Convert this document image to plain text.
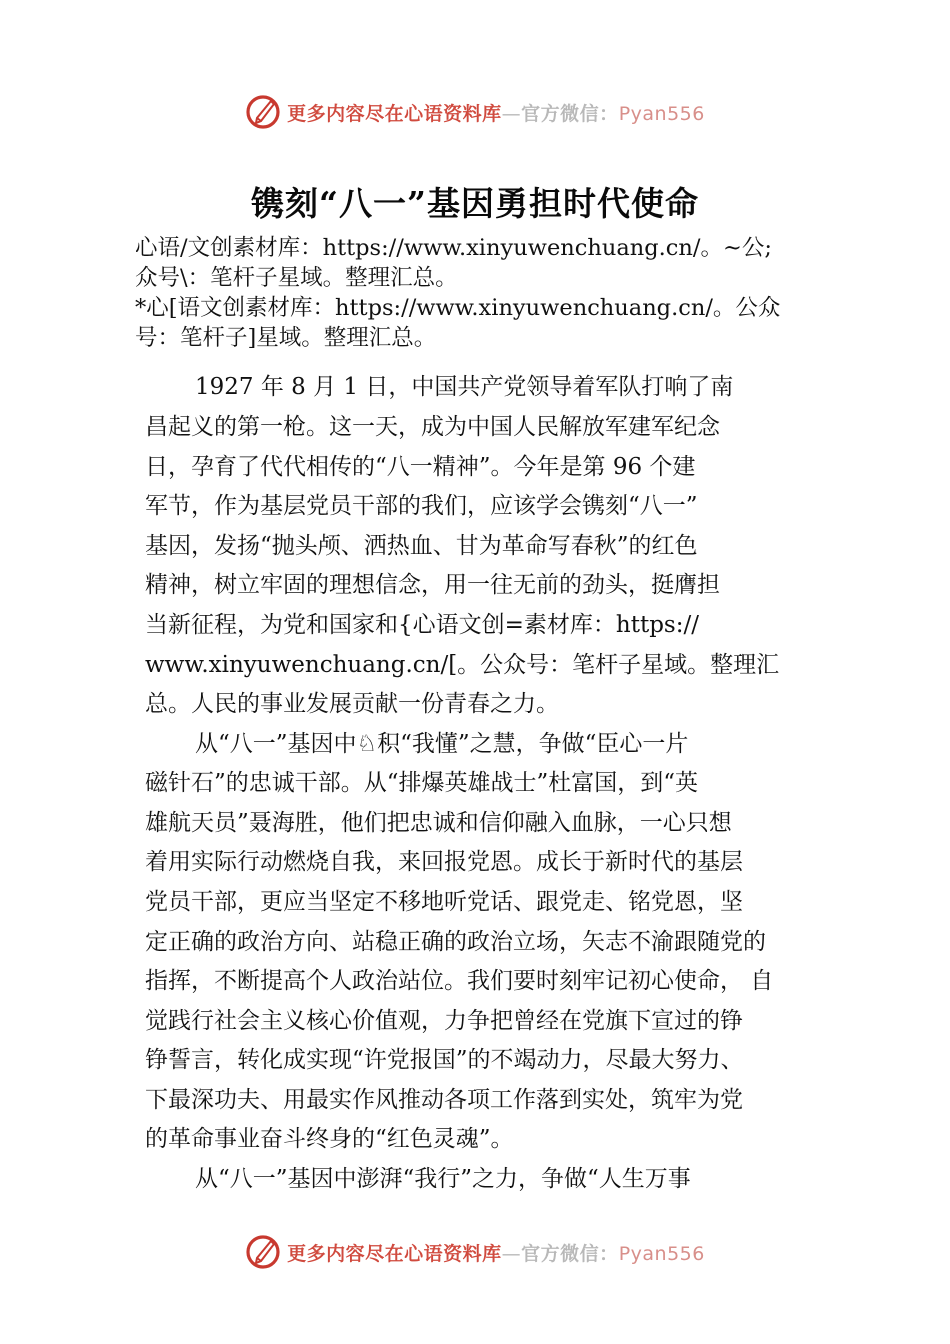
更多内容尽在心语资料库—官方微信：Pyan556
镌刻“八一”基因勇担时代使命
心语/文创素材库：https://www.xinyuwenchuang.cn/。~公;
众号\：笔杆子星域。整理汇总。
*心[语文创素材库：https://www.xinyuwenchuang.cn/。公众
号：笔杆子]星域。整理汇总。
1927 年 8 月 1 日，中国共产党领导着军队打响了南
昌起义的第一枪。这一天，成为中国人民解放军建军纪念
日，孕育了代代相传的“八一精神”。今年是第 96 个建
军节，作为基层党员干部的我们，应该学会镌刻“八一”
基因，发扬“抛头颅、洒热血、甘为革命写春秋”的红色
精神，树立牢固的理想信念，用一往无前的劲头，挺膺担
当新征程，为党和国家和{心语文创=素材库：https://
www.xinyuwenchuang.cn/[。公众号：笔杆子星域。整理汇
总。人民的事业发展贡献一份青春之力。
从“八一”基因中♘积“我懂”之慧，争做“臣心一片
磁针石”的忠诚干部。从“排爆英雄战士”杜富国，到“英
雄航天员”聂海胜，他们把忠诚和信仰融入血脉，一心只想
着用实际行动燃烧自我，来回报党恩。成长于新时代的基层
党员干部，更应当坚定不移地听党话、跟党走、铭党恩，坚
定正确的政治方向、站稳正确的政治立场，矢志不渝跟随党的
指挥，不断提高个人政治站位。我们要时刻牢记初心使命， 自
觉践行社会主义核心价值观，力争把曾经在党旗下宣过的铮
铮誓言，转化成实现“许党报国”的不竭动力，尽最大努力、
下最深功夫、用最实作风推动各项工作落到实处，筑牢为党
的革命事业奋斗终身的“红色灵魂”。
从“八一”基因中澎湃“我行”之力，争做“人生万事
更多内容尽在心语资料库—官方微信：Pyan556
